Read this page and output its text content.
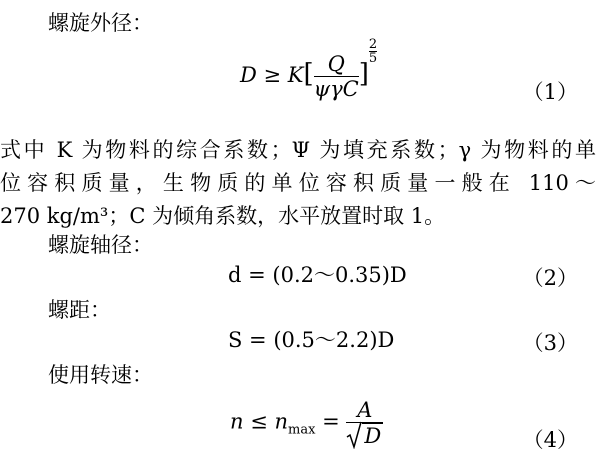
螺旋外径：
$D \ge K[ \frac{Q}{\text{ψγC}}$ ]
$\frac{2}{5}$
（1）
式中 K 为物料的综合系数；Ψ 为填充系数；γ 为物料的单
位容积质量，生物质的单位容积质量一般在 110～
270 kg/m³；C 为倾角系数，水平放置时取 1。
螺旋轴径：
d = (0.2～0.35)D	（2）
螺距：
S = (0.5～2.2)D	（3）
使用转速：
$n \le n_{max} = \frac{A}{D}$	（4）
